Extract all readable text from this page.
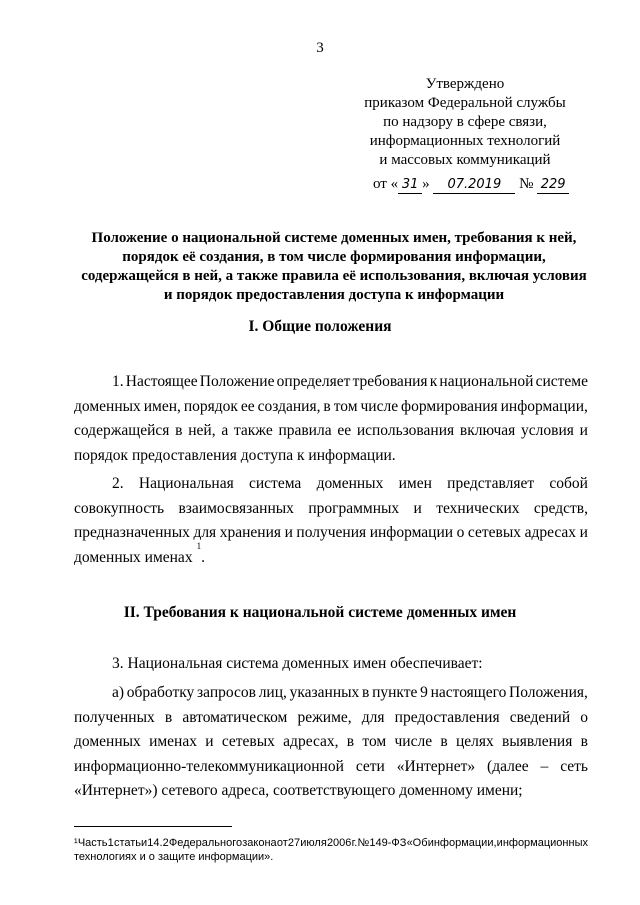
3
Утверждено
приказом Федеральной службы
по надзору в сфере связи,
информационных технологий
и массовых коммуникаций
от « 31 » 07.2019 № 229
Положение о национальной системе доменных имен, требования к ней,
порядок её создания, в том числе формирования информации,
содержащейся в ней, а также правила её использования, включая условия
и порядок предоставления доступа к информации
I. Общие положения
1. Настоящее Положение определяет требования к национальной системе
доменных имен, порядок ее создания, в том числе формирования информации,
содержащейся в ней, а также правила ее использования включая условия и
порядок предоставления доступа к информации.
2. Национальная система доменных имен представляет собой
совокупность взаимосвязанных программных и технических средств,
предназначенных для хранения и получения информации о сетевых адресах и
доменных именах
1
.
II. Требования к национальной системе доменных имен
3. Национальная система доменных имен обеспечивает:
а) обработку запросов лиц, указанных в пункте 9 настоящего Положения,
полученных в автоматическом режиме, для предоставления сведений о
доменных именах и сетевых адресах, в том числе в целях выявления в
информационно-телекоммуникационной сети «Интернет» (далее – сеть
«Интернет») сетевого адреса, соответствующего доменному имени;
¹ Часть 1 статьи 14.2 Федерального закона от 27 июля 2006 г. № 149-ФЗ «Об информации, информационных
технологиях и о защите информации».
